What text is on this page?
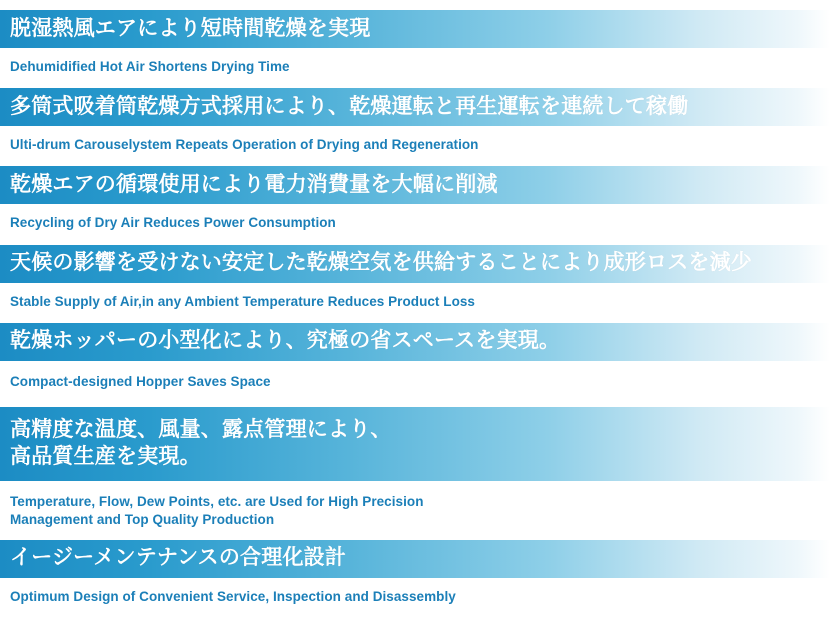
脱湿熱風エアにより短時間乾燥を実現
Dehumidified Hot Air Shortens Drying Time
多筒式吸着筒乾燥方式採用により、乾燥運転と再生運転を連続して稼働
Ulti-drum Carouselystem Repeats Operation of Drying and Regeneration
乾燥エアの循環使用により電力消費量を大幅に削減
Recycling of Dry Air Reduces Power Consumption
天候の影響を受けない安定した乾燥空気を供給することにより成形ロスを減少
Stable Supply of Air,in any Ambient Temperature Reduces Product Loss
乾燥ホッパーの小型化により、究極の省スペースを実現。
Compact-designed Hopper Saves Space
高精度な温度、風量、露点管理により、
高品質生産を実現。
Temperature, Flow, Dew Points, etc. are Used for High Precision
Management and Top Quality Production
イージーメンテナンスの合理化設計
Optimum Design of Convenient Service, Inspection and Disassembly
